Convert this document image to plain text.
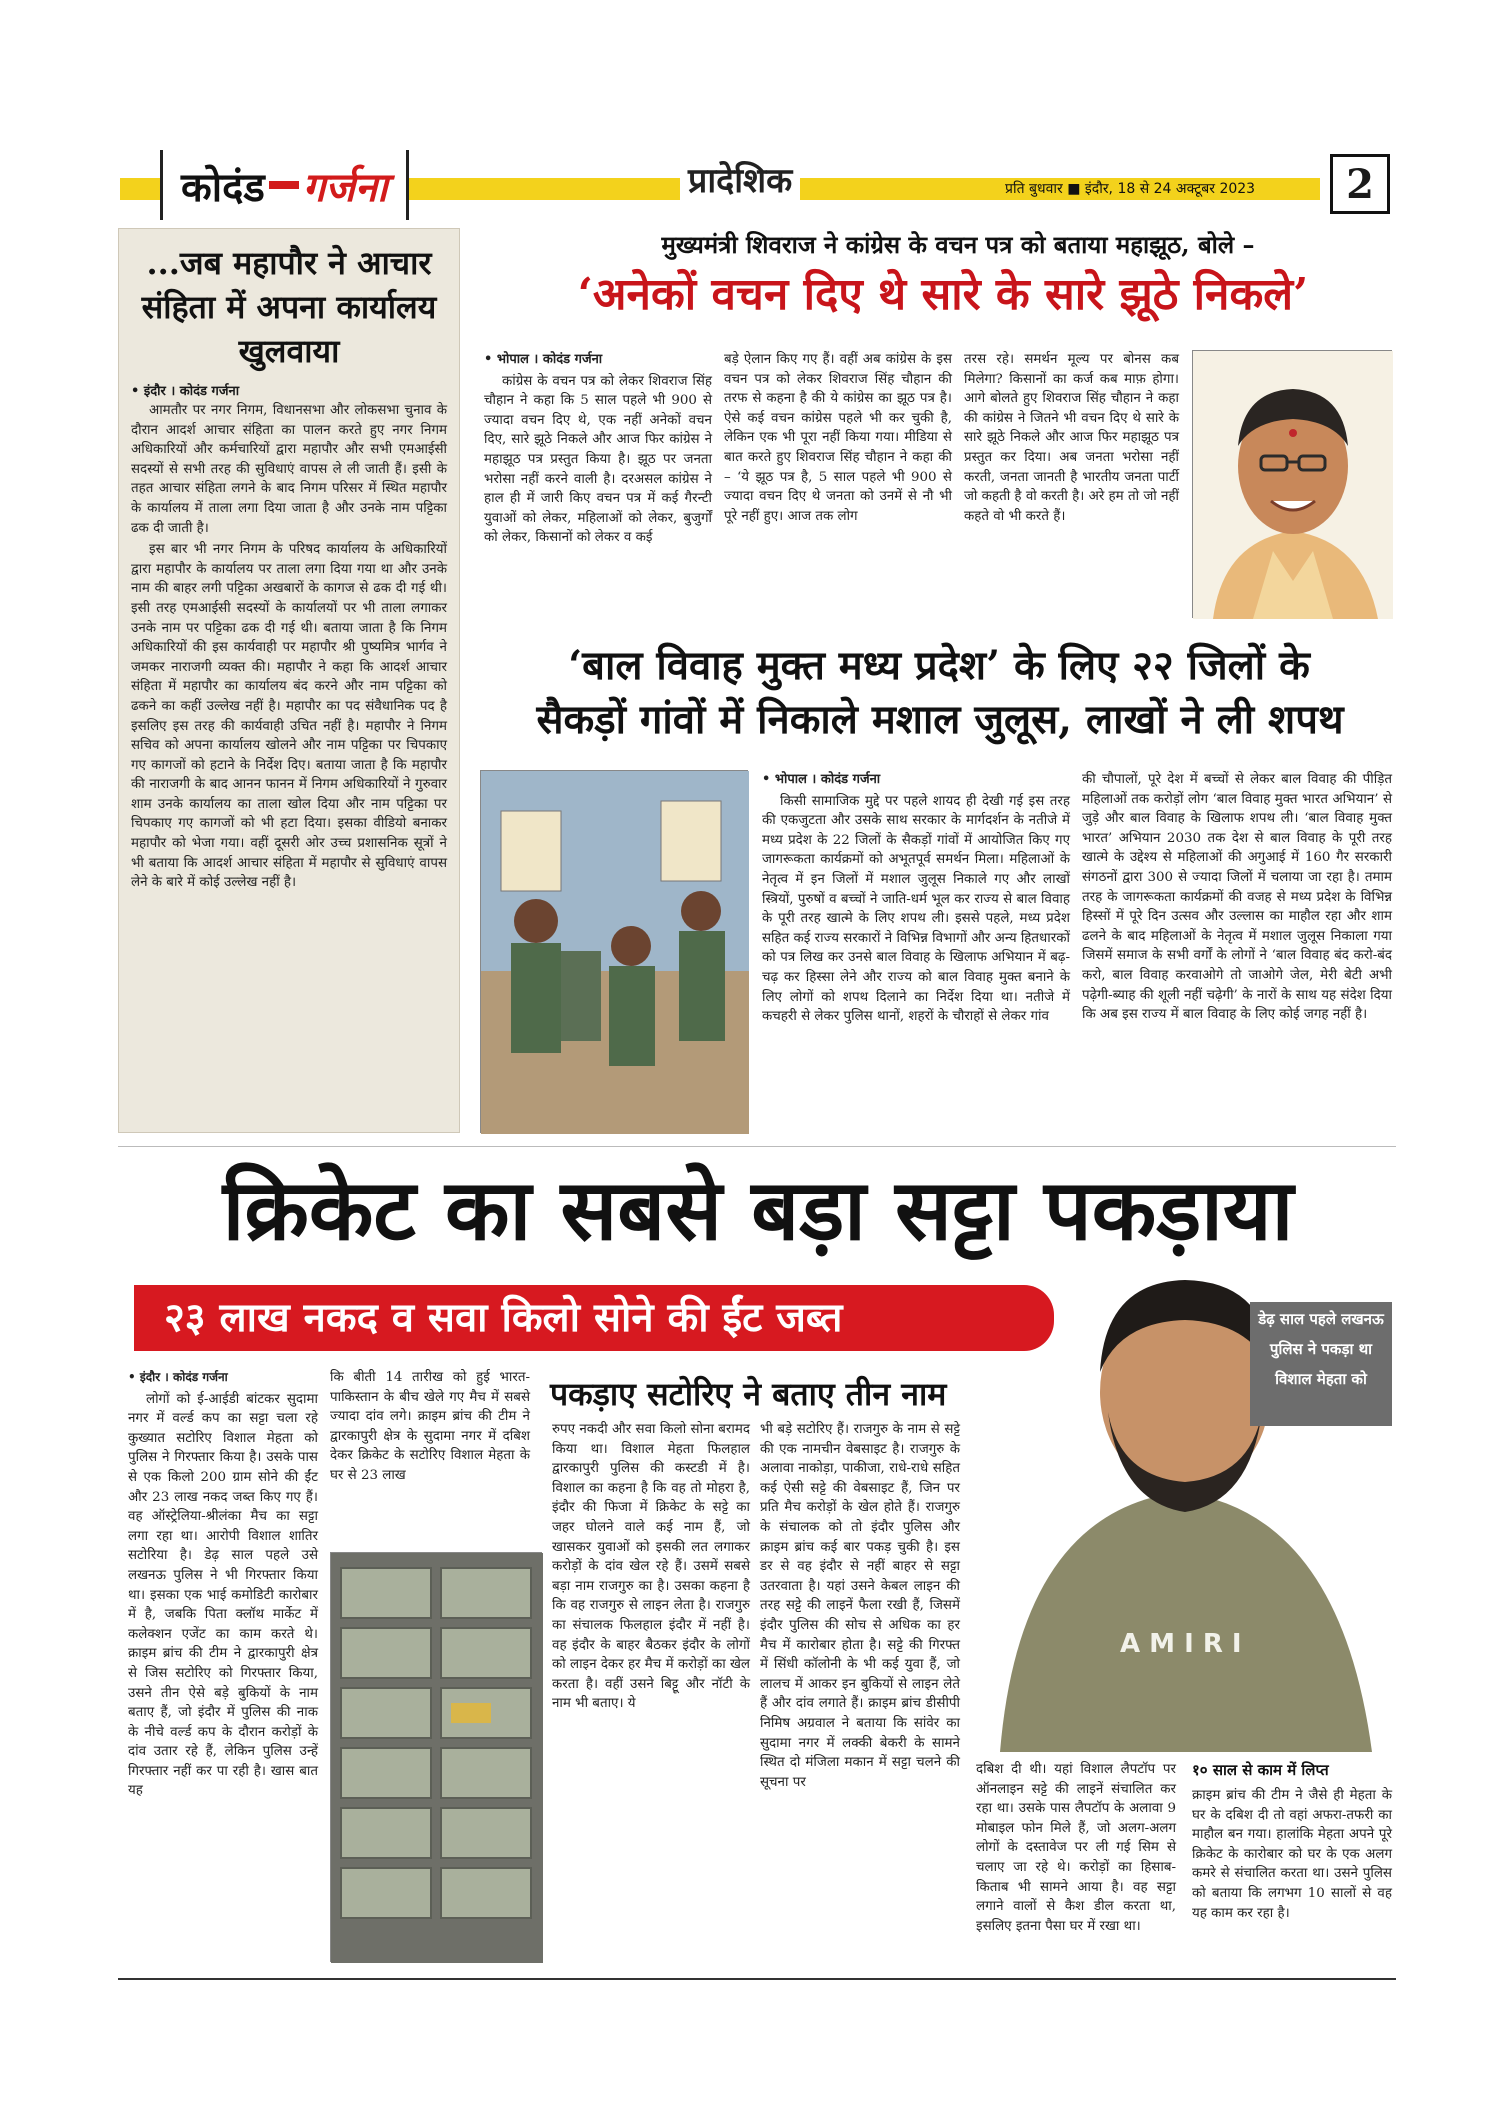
कोदंड गर्जना	प्रादेशिक	प्रति बुधवार ■ इंदौर, 18 से 24 अक्टूबर 2023	2
...जब महापौर ने आचार संहिता में अपना कार्यालय खुलवाया
• इंदौर । कोदंड गर्जना

आमतौर पर नगर निगम, विधानसभा और लोकसभा चुनाव के दौरान आदर्श आचार संहिता का पालन करते हुए नगर निगम अधिकारियों और कर्मचारियों द्वारा महापौर और सभी एमआईसी सदस्यों से सभी तरह की सुविधाएं वापस ले ली जाती हैं। इसी के तहत आचार संहिता लगने के बाद निगम परिसर में स्थित महापौर के कार्यालय में ताला लगा दिया जाता है और उनके नाम पट्टिका ढक दी जाती है।

इस बार भी नगर निगम के परिषद कार्यालय के अधिकारियों द्वारा महापौर के कार्यालय पर ताला लगा दिया गया था और उनके नाम की बाहर लगी पट्टिका अखबारों के कागज से ढक दी गई थी। इसी तरह एमआईसी सदस्यों के कार्यालयों पर भी ताला लगाकर उनके नाम पर पट्टिका ढक दी गई थी। बताया जाता है कि निगम अधिकारियों की इस कार्यवाही पर महापौर श्री पुष्यमित्र भार्गव ने जमकर नाराजगी व्यक्त की। महापौर ने कहा कि आदर्श आचार संहिता में महापौर का कार्यालय बंद करने और नाम पट्टिका को ढकने का कहीं उल्लेख नहीं है। महापौर का पद संवैधानिक पद है इसलिए इस तरह की कार्यवाही उचित नहीं है। महापौर ने निगम सचिव को अपना कार्यालय खोलने और नाम पट्टिका पर चिपकाए गए कागजों को हटाने के निर्देश दिए। बताया जाता है कि महापौर की नाराजगी के बाद आनन फानन में निगम अधिकारियों ने गुरुवार शाम उनके कार्यालय का ताला खोल दिया और नाम पट्टिका पर चिपकाए गए कागजों को भी हटा दिया। इसका वीडियो बनाकर महापौर को भेजा गया। वहीं दूसरी ओर उच्च प्रशासनिक सूत्रों ने भी बताया कि आदर्श आचार संहिता में महापौर से सुविधाएं वापस लेने के बारे में कोई उल्लेख नहीं है।

मुख्यमंत्री शिवराज ने कांग्रेस के वचन पत्र को बताया महाझूठ, बोले –
‘अनेकों वचन दिए थे सारे के सारे झूठे निकले’
• भोपाल । कोदंड गर्जना

कांग्रेस के वचन पत्र को लेकर शिवराज सिंह चौहान ने कहा कि 5 साल पहले भी 900 से ज्यादा वचन दिए थे, एक नहीं अनेकों वचन दिए, सारे झूठे निकले और आज फिर कांग्रेस ने महाझूठ पत्र प्रस्तुत किया है। झूठ पर जनता भरोसा नहीं करने वाली है। दरअसल कांग्रेस ने हाल ही में जारी किए वचन पत्र में कई गैरन्टी युवाओं को लेकर, महिलाओं को लेकर, बुजुर्गों को लेकर, किसानों को लेकर व कई

बड़े ऐलान किए गए हैं। वहीं अब कांग्रेस के इस वचन पत्र को लेकर शिवराज सिंह चौहान की तरफ से कहना है की ये कांग्रेस का झूठ पत्र है। ऐसे कई वचन कांग्रेस पहले भी कर चुकी है, लेकिन एक भी पूरा नहीं किया गया। मीडिया से बात करते हुए शिवराज सिंह चौहान ने कहा की – ‘ये झूठ पत्र है, 5 साल पहले भी 900 से ज्यादा वचन दिए थे जनता को उनमें से नौ भी पूरे नहीं हुए। आज तक लोग

तरस रहे। समर्थन मूल्य पर बोनस कब मिलेगा? किसानों का कर्ज कब माफ़ होगा। आगे बोलते हुए शिवराज सिंह चौहान ने कहा की कांग्रेस ने जितने भी वचन दिए थे सारे के सारे झूठे निकले और आज फिर महाझूठ पत्र प्रस्तुत कर दिया। अब जनता भरोसा नहीं करती, जनता जानती है भारतीय जनता पार्टी जो कहती है वो करती है। अरे हम तो जो नहीं कहते वो भी करते हैं।

‘बाल विवाह मुक्त मध्य प्रदेश’ के लिए २२ जिलों के
सैकड़ों गांवों में निकाले मशाल जुलूस, लाखों ने ली शपथ
• भोपाल । कोदंड गर्जना

किसी सामाजिक मुद्दे पर पहले शायद ही देखी गई इस तरह की एकजुटता और उसके साथ सरकार के मार्गदर्शन के नतीजे में मध्य प्रदेश के 22 जिलों के सैकड़ों गांवों में आयोजित किए गए जागरूकता कार्यक्रमों को अभूतपूर्व समर्थन मिला। महिलाओं के नेतृत्व में इन जिलों में मशाल जुलूस निकाले गए और लाखों स्त्रियों, पुरुषों व बच्चों ने जाति-धर्म भूल कर राज्य से बाल विवाह के पूरी तरह खात्मे के लिए शपथ ली। इससे पहले, मध्य प्रदेश सहित कई राज्य सरकारों ने विभिन्न विभागों और अन्य हितधारकों को पत्र लिख कर उनसे बाल विवाह के खिलाफ अभियान में बढ़-चढ़ कर हिस्सा लेने और राज्य को बाल विवाह मुक्त बनाने के लिए लोगों को शपथ दिलाने का निर्देश दिया था। नतीजे में कचहरी से लेकर पुलिस थानों, शहरों के चौराहों से लेकर गांव

की चौपालों, पूरे देश में बच्चों से लेकर बाल विवाह की पीड़ित महिलाओं तक करोड़ों लोग ‘बाल विवाह मुक्त भारत अभियान’ से जुड़े और बाल विवाह के खिलाफ शपथ ली। ‘बाल विवाह मुक्त भारत’ अभियान 2030 तक देश से बाल विवाह के पूरी तरह खात्मे के उद्देश्य से महिलाओं की अगुआई में 160 गैर सरकारी संगठनों द्वारा 300 से ज्यादा जिलों में चलाया जा रहा है। तमाम तरह के जागरूकता कार्यक्रमों की वजह से मध्य प्रदेश के विभिन्न हिस्सों में पूरे दिन उत्सव और उल्लास का माहौल रहा और शाम ढलने के बाद महिलाओं के नेतृत्व में मशाल जुलूस निकाला गया जिसमें समाज के सभी वर्गों के लोगों ने ‘बाल विवाह बंद करो-बंद करो, बाल विवाह करवाओगे तो जाओगे जेल, मेरी बेटी अभी पढ़ेगी-ब्याह की शूली नहीं चढ़ेगी’ के नारों के साथ यह संदेश दिया कि अब इस राज्य में बाल विवाह के लिए कोई जगह नहीं है।

क्रिकेट का सबसे बड़ा सट्टा पकड़ाया
A M I R I
२३ लाख नकद व सवा किलो सोने की ईंट जब्त	डेढ़ साल पहले लखनऊ पुलिस ने पकड़ा था विशाल मेहता को
पकड़ाए सटोरिए ने बताए तीन नाम
• इंदौर । कोदंड गर्जना

लोगों को ई-आईडी बांटकर सुदामा नगर में वर्ल्ड कप का सट्टा चला रहे कुख्यात सटोरिए विशाल मेहता को पुलिस ने गिरफ्तार किया है। उसके पास से एक किलो 200 ग्राम सोने की ईंट और 23 लाख नकद जब्त किए गए हैं। वह ऑस्ट्रेलिया-श्रीलंका मैच का सट्टा लगा रहा था। आरोपी विशाल शातिर सटोरिया है। डेढ़ साल पहले उसे लखनऊ पुलिस ने भी गिरफ्तार किया था। इसका एक भाई कमोडिटी कारोबार में है, जबकि पिता क्लॉथ मार्केट में कलेक्शन एजेंट का काम करते थे। क्राइम ब्रांच की टीम ने द्वारकापुरी क्षेत्र से जिस सटोरिए को गिरफ्तार किया, उसने तीन ऐसे बड़े बुकियों के नाम बताए हैं, जो इंदौर में पुलिस की नाक के नीचे वर्ल्ड कप के दौरान करोड़ों के दांव उतार रहे हैं, लेकिन पुलिस उन्हें गिरफ्तार नहीं कर पा रही है। खास बात यह

कि बीती 14 तारीख को हुई भारत-पाकिस्तान के बीच खेले गए मैच में सबसे ज्यादा दांव लगे। क्राइम ब्रांच की टीम ने द्वारकापुरी क्षेत्र के सुदामा नगर में दबिश देकर क्रिकेट के सटोरिए विशाल मेहता के घर से 23 लाख

रुपए नकदी और सवा किलो सोना बरामद किया था। विशाल मेहता फिलहाल द्वारकापुरी पुलिस की कस्टडी में है। विशाल का कहना है कि वह तो मोहरा है, इंदौर की फिजा में क्रिकेट के सट्टे का जहर घोलने वाले कई नाम हैं, जो खासकर युवाओं को इसकी लत लगाकर करोड़ों के दांव खेल रहे हैं। उसमें सबसे बड़ा नाम राजगुरु का है। उसका कहना है कि वह राजगुरु से लाइन लेता है। राजगुरु का संचालक फिलहाल इंदौर में नहीं है। वह इंदौर के बाहर बैठकर इंदौर के लोगों को लाइन देकर हर मैच में करोड़ों का खेल करता है। वहीं उसने बिट्टू और नॉटी के नाम भी बताए। ये

भी बड़े सटोरिए हैं। राजगुरु के नाम से सट्टे की एक नामचीन वेबसाइट है। राजगुरु के अलावा नाकोड़ा, पाकीजा, राधे-राधे सहित कई ऐसी सट्टे की वेबसाइट हैं, जिन पर प्रति मैच करोड़ों के खेल होते हैं। राजगुरु के संचालक को तो इंदौर पुलिस और क्राइम ब्रांच कई बार पकड़ चुकी है। इस डर से वह इंदौर से नहीं बाहर से सट्टा उतरवाता है। यहां उसने केबल लाइन की तरह सट्टे की लाइनें फैला रखी हैं, जिसमें इंदौर पुलिस की सोच से अधिक का हर मैच में कारोबार होता है। सट्टे की गिरफ्त में सिंधी कॉलोनी के भी कई युवा हैं, जो लालच में आकर इन बुकियों से लाइन लेते हैं और दांव लगाते हैं। क्राइम ब्रांच डीसीपी निमिष अग्रवाल ने बताया कि सांवेर का सुदामा नगर में लक्की बेकरी के सामने स्थित दो मंजिला मकान में सट्टा चलने की सूचना पर

दबिश दी थी। यहां विशाल लैपटॉप पर ऑनलाइन सट्टे की लाइनें संचालित कर रहा था। उसके पास लैपटॉप के अलावा 9 मोबाइल फोन मिले हैं, जो अलग-अलग लोगों के दस्तावेज पर ली गई सिम से चलाए जा रहे थे। करोड़ों का हिसाब-किताब भी सामने आया है। वह सट्टा लगाने वालों से कैश डील करता था, इसलिए इतना पैसा घर में रखा था।

१० साल से काम में लिप्त

क्राइम ब्रांच की टीम ने जैसे ही मेहता के घर के दबिश दी तो वहां अफरा-तफरी का माहौल बन गया। हालांकि मेहता अपने पूरे क्रिकेट के कारोबार को घर के एक अलग कमरे से संचालित करता था। उसने पुलिस को बताया कि लगभग 10 सालों से वह यह काम कर रहा है।
